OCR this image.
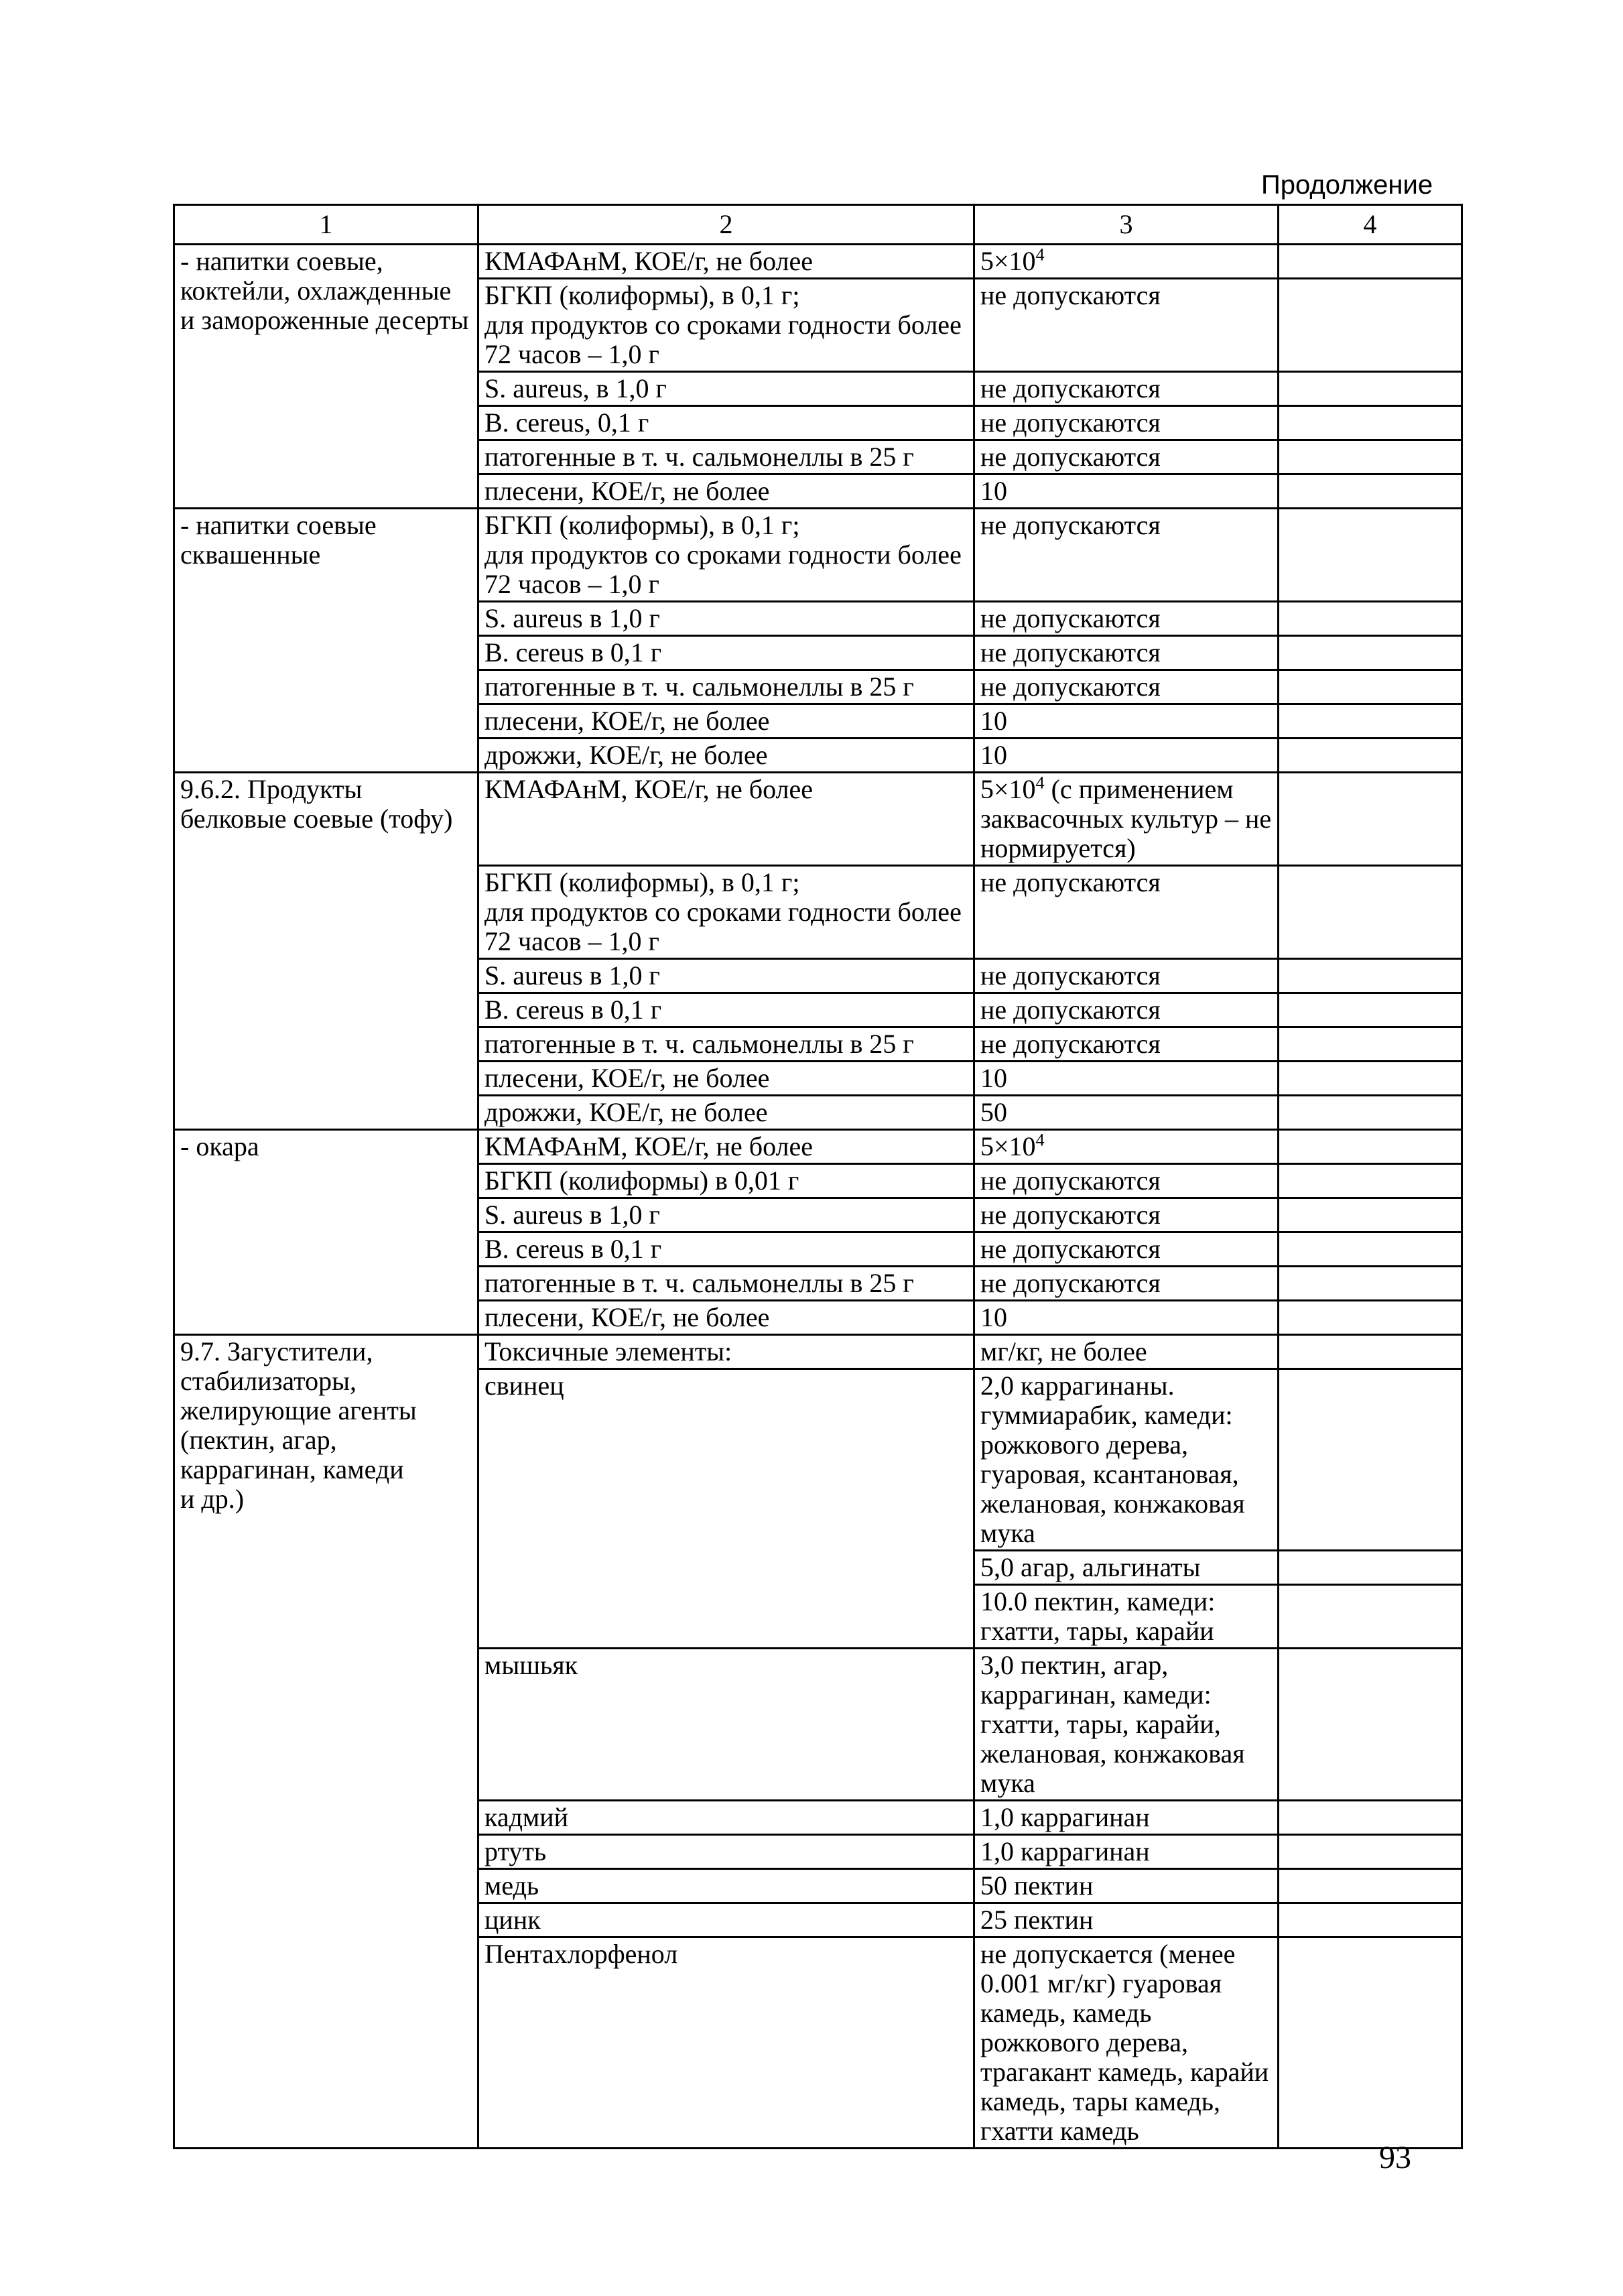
Продолжение
1	2	3	4
- напитки соевые, коктейли, охлажденные и замороженные десерты	КМАФАнМ, КОЕ/г, не более	$5\times 10^4$	
	БГКП (колиформы), в 0,1 г;
для продуктов со сроками годности более 72 часов – 1,0 г	не допускаются	
	S. aureus, в 1,0 г	не допускаются	
	B. cereus, 0,1 г	не допускаются	
	патогенные в т. ч. сальмонеллы в 25 г	не допускаются	
	плесени, КОЕ/г, не более	10	
- напитки соевые сквашенные	БГКП (колиформы), в 0,1 г;
для продуктов со сроками годности более 72 часов – 1,0 г	не допускаются	
	S. aureus в 1,0 г	не допускаются	
	B. cereus в 0,1 г	не допускаются	
	патогенные в т. ч. сальмонеллы в 25 г	не допускаются	
	плесени, КОЕ/г, не более	10	
	дрожжи, КОЕ/г, не более	10	
9.6.2. Продукты белковые соевые (тофу)	КМАФАнМ, КОЕ/г, не более	$5\times 10^4$ (с применением заквасочных культур – не нормируется)	
	БГКП (колиформы), в 0,1 г;
для продуктов со сроками годности более 72 часов – 1,0 г	не допускаются	
	S. aureus в 1,0 г	не допускаются	
	B. cereus в 0,1 г	не допускаются	
	патогенные в т. ч. сальмонеллы в 25 г	не допускаются	
	плесени, КОЕ/г, не более	10	
	дрожжи, КОЕ/г, не более	50	
- окара	КМАФАнМ, КОЕ/г, не более	$5\times 10^4$	
	БГКП (колиформы) в 0,01 г	не допускаются	
	S. aureus в 1,0 г	не допускаются	
	B. cereus в 0,1 г	не допускаются	
	патогенные в т. ч. сальмонеллы в 25 г	не допускаются	
	плесени, КОЕ/г, не более	10	
9.7. Загустители, стабилизаторы, желирующие агенты (пектин, агар, каррагинан, камеди
и др.)	Токсичные элементы:	мг/кг, не более	
	свинец	2,0 каррагинаны. гуммиарабик, камеди: рожкового дерева, гуаровая, ксантановая, желановая, конжаковая мука	
		5,0 агар, альгинаты	
		10.0 пектин, камеди: гхатти, тары, карайи	
	мышьяк	3,0 пектин, агар, каррагинан, камеди: гхатти, тары, карайи, желановая, конжаковая мука	
	кадмий	1,0 каррагинан	
	ртуть	1,0 каррагинан	
	медь	50 пектин	
	цинк	25 пектин	
	Пентахлорфенол	не допускается (менее 0.001 мг/кг) гуаровая камедь, камедь рожкового дерева, трагакант камедь, карайи камедь, тары камедь, гхатти камедь	
93
